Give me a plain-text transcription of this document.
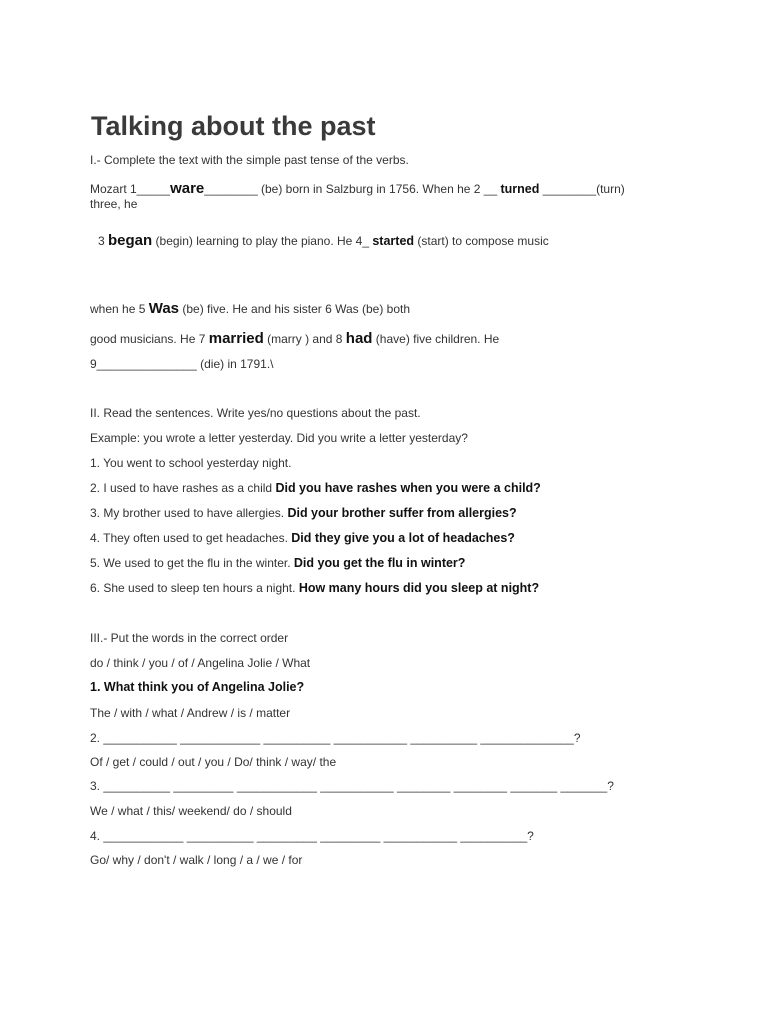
Talking about the past
I.- Complete the text with the simple past tense of the verbs.
Mozart 1_____ware________ (be) born in Salzburg in 1756. When he 2 __ turned ________(turn)
three, he
3 began (begin) learning to play the piano. He 4_ started (start) to compose music
when he 5 Was (be) five. He and his sister 6 Was (be) both
good musicians. He 7 married (marry ) and 8 had (have) five children. He
9_______________ (die) in 1791.\
II. Read the sentences. Write yes/no questions about the past.
Example: you wrote a letter yesterday. Did you write a letter yesterday?
1. You went to school yesterday night.
2. I used to have rashes as a child Did you have rashes when you were a child?
3. My brother used to have allergies. Did your brother suffer from allergies?
4. They often used to get headaches. Did they give you a lot of headaches?
5. We used to get the flu in the winter. Did you get the flu in winter?
6. She used to sleep ten hours a night. How many hours did you sleep at night?
III.- Put the words in the correct order
do / think / you / of / Angelina Jolie / What
1. What think you of Angelina Jolie?
The / with / what / Andrew / is / matter
2. ___________ ____________ __________ ___________ __________ ______________?
Of / get / could / out / you / Do/ think / way/ the
3. __________ _________ ____________ ___________ ________ ________ _______ _______?
We / what / this/ weekend/ do / should
4. ____________ __________ _________ _________ ___________ __________?
Go/ why / don't / walk / long / a / we / for
